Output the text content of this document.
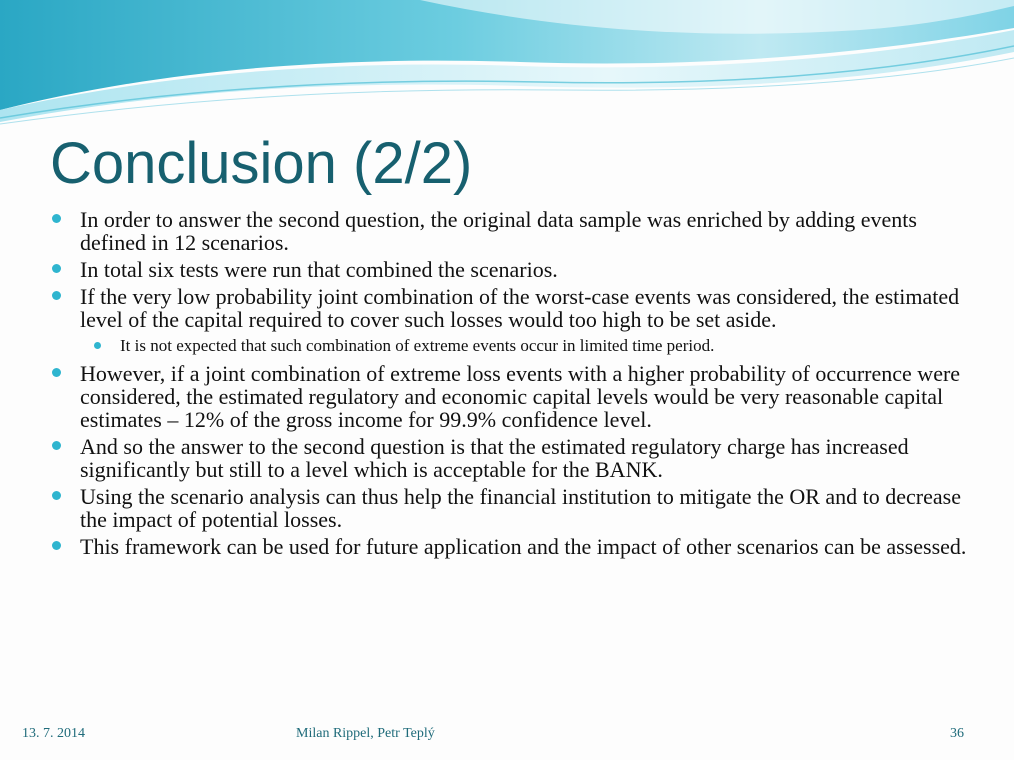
Conclusion (2/2)
In order to answer the second question, the original data sample was enriched by adding events defined in 12 scenarios.
In total six tests were run that combined the scenarios.
If the very low probability joint combination of the worst-case events was considered, the estimated level of the capital required to cover such losses would too high to be set aside.
It is not expected that such combination of extreme events occur in limited time period.
However, if a joint combination of extreme loss events with a higher probability of occurrence were considered, the estimated regulatory and economic capital levels would be very reasonable capital estimates – 12% of the gross income for 99.9% confidence level.
And so the answer to the second question is that the estimated regulatory charge has increased significantly but still to a level which is acceptable for the BANK.
Using the scenario analysis can thus help the financial institution to mitigate the OR and to decrease the impact of potential losses.
This framework can be used for future application and the impact of other scenarios can be assessed.
13. 7. 2014	Milan Rippel, Petr Teplý	36
